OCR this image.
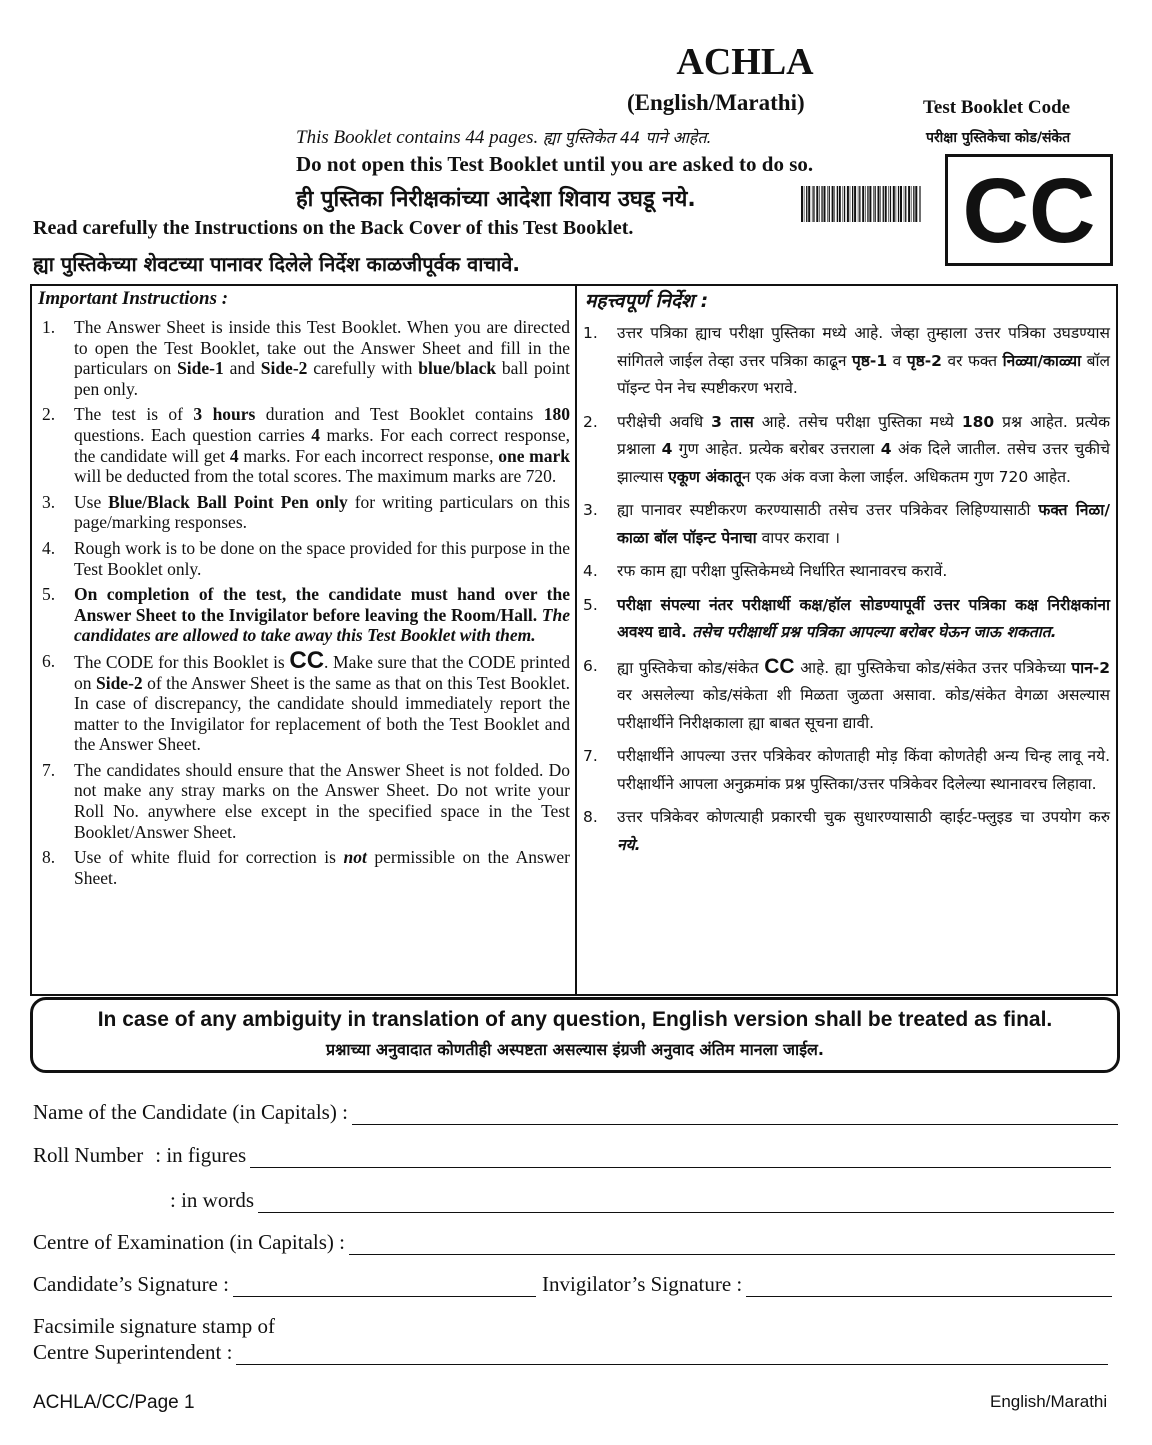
ACHLA
(English/Marathi)
This Booklet contains 44 pages. ह्या पुस्तिकेत 44 पाने आहेत.
Do not open this Test Booklet until you are asked to do so.
ही पुस्तिका निरीक्षकांच्या आदेशा शिवाय उघडू नये.
Read carefully the Instructions on the Back Cover of this Test Booklet.
ह्या पुस्तिकेच्या शेवटच्या पानावर दिलेले निर्देश काळजीपूर्वक वाचावे.
Test Booklet Code
परीक्षा पुस्तिकेचा कोड/संकेत
CC
Important Instructions :	महत्त्वपूर्ण निर्देश :
1.	The Answer Sheet is inside this Test Booklet. When you are directed to open the Test Booklet, take out the Answer Sheet and fill in the particulars on Side-1 and Side-2 carefully with blue/black ball point pen only.
2.	The test is of 3 hours duration and Test Booklet contains 180 questions. Each question carries 4 marks. For each correct response, the candidate will get 4 marks. For each incorrect response, one mark will be deducted from the total scores. The maximum marks are 720.
3.	Use Blue/Black Ball Point Pen only for writing particulars on this page/marking responses.
4.	Rough work is to be done on the space provided for this purpose in the Test Booklet only.
5.	On completion of the test, the candidate must hand over the Answer Sheet to the Invigilator before leaving the Room/Hall. The candidates are allowed to take away this Test Booklet with them.
6.	The CODE for this Booklet is CC. Make sure that the CODE printed on Side-2 of the Answer Sheet is the same as that on this Test Booklet. In case of discrepancy, the candidate should immediately report the matter to the Invigilator for replacement of both the Test Booklet and the Answer Sheet.
7.	The candidates should ensure that the Answer Sheet is not folded. Do not make any stray marks on the Answer Sheet. Do not write your Roll No. anywhere else except in the specified space in the Test Booklet/Answer Sheet.
8.	Use of white fluid for correction is not permissible on the Answer Sheet.
1.	उत्तर पत्रिका ह्याच परीक्षा पुस्तिका मध्ये आहे. जेव्हा तुम्हाला उत्तर पत्रिका उघडण्यास सांगितले जाईल तेव्हा उत्तर पत्रिका काढून पृष्ठ-1 व पृष्ठ-2 वर फक्त निळ्या/काळ्या बॉल पॉइन्ट पेन नेच स्पष्टीकरण भरावे.
2.	परीक्षेची अवधि 3 तास आहे. तसेच परीक्षा पुस्तिका मध्ये 180 प्रश्न आहेत. प्रत्येक प्रश्नाला 4 गुण आहेत. प्रत्येक बरोबर उत्तराला 4 अंक दिले जातील. तसेच उत्तर चुकीचे झाल्यास एकूण अंकातून एक अंक वजा केला जाईल. अधिकतम गुण 720 आहेत.
3.	ह्या पानावर स्पष्टीकरण करण्यासाठी तसेच उत्तर पत्रिकेवर लिहिण्यासाठी फक्त निळा/काळा बॉल पॉइन्ट पेनाचा वापर करावा ।
4.	रफ काम ह्या परीक्षा पुस्तिकेमध्ये निर्धारित स्थानावरच करावें.
5.	परीक्षा संपल्या नंतर परीक्षार्थी कक्ष/हॉल सोडण्यापूर्वी उत्तर पत्रिका कक्ष निरीक्षकांना अवश्य द्यावे. तसेच परीक्षार्थी प्रश्न पत्रिका आपल्या बरोबर घेऊन जाऊ शकतात.
6.	ह्या पुस्तिकेचा कोड/संकेत CC आहे. ह्या पुस्तिकेचा कोड/संकेत उत्तर पत्रिकेच्या पान-2 वर असलेल्या कोड/संकेता शी मिळता जुळता असावा. कोड/संकेत वेगळा असल्यास परीक्षार्थीने निरीक्षकाला ह्या बाबत सूचना द्यावी.
7.	परीक्षार्थीने आपल्या उत्तर पत्रिकेवर कोणताही मोड़ किंवा कोणतेही अन्य चिन्ह लावू नये. परीक्षार्थीने आपला अनुक्रमांक प्रश्न पुस्तिका/उत्तर पत्रिकेवर दिलेल्या स्थानावरच लिहावा.
8.	उत्तर पत्रिकेवर कोणत्याही प्रकारची चुक सुधारण्यासाठी व्हाईट-फ्लुइड चा उपयोग करु नये.
In case of any ambiguity in translation of any question, English version shall be treated as final.
प्रश्नाच्या अनुवादात कोणतीही अस्पष्टता असल्यास इंग्रजी अनुवाद अंतिम मानला जाईल.
Name of the Candidate (in Capitals) :
Roll Number : in figures
: in words
Centre of Examination (in Capitals) :
Candidate’s Signature :	Invigilator’s Signature :
Facsimile signature stamp of
Centre Superintendent :
ACHLA/CC/Page 1	English/Marathi
